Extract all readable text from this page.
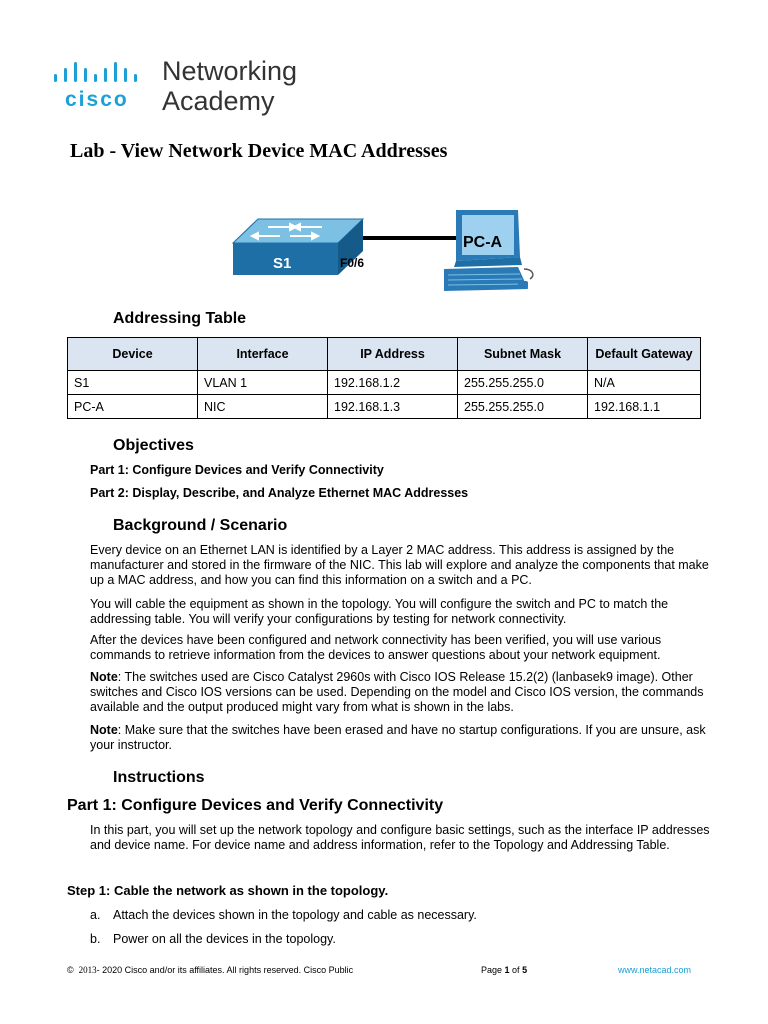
cisco
Networking
Academy
Lab - View Network Device MAC Addresses
S1	F0/6
PC-A
Addressing Table
Device	Interface	IP Address	Subnet Mask	Default Gateway
S1	VLAN 1	192.168.1.2	255.255.255.0	N/A
PC-A	NIC	192.168.1.3	255.255.255.0	192.168.1.1
Objectives
Part 1: Configure Devices and Verify Connectivity
Part 2: Display, Describe, and Analyze Ethernet MAC Addresses
Background / Scenario

Every device on an Ethernet LAN is identified by a Layer 2 MAC address. This address is assigned by the manufacturer and stored in the firmware of the NIC. This lab will explore and analyze the components that make up a MAC address, and how you can find this information on a switch and a PC.

You will cable the equipment as shown in the topology. You will configure the switch and PC to match the addressing table. You will verify your configurations by testing for network connectivity.

After the devices have been configured and network connectivity has been verified, you will use various commands to retrieve information from the devices to answer questions about your network equipment.

Note: The switches used are Cisco Catalyst 2960s with Cisco IOS Release 15.2(2) (lanbasek9 image). Other switches and Cisco IOS versions can be used. Depending on the model and Cisco IOS version, the commands available and the output produced might vary from what is shown in the labs.

Note: Make sure that the switches have been erased and have no startup configurations. If you are unsure, ask your instructor.

Instructions
Part 1: Configure Devices and Verify Connectivity

In this part, you will set up the network topology and configure basic settings, such as the interface IP addresses and device name. For device name and address information, refer to the Topology and Addressing Table.

Step 1: Cable the network as shown in the topology.
a. Attach the devices shown in the topology and cable as necessary.
b. Power on all the devices in the topology.
© 2013- 2020 Cisco and/or its affiliates. All rights reserved. Cisco Public	Page 1 of 5	www.netacad.com
